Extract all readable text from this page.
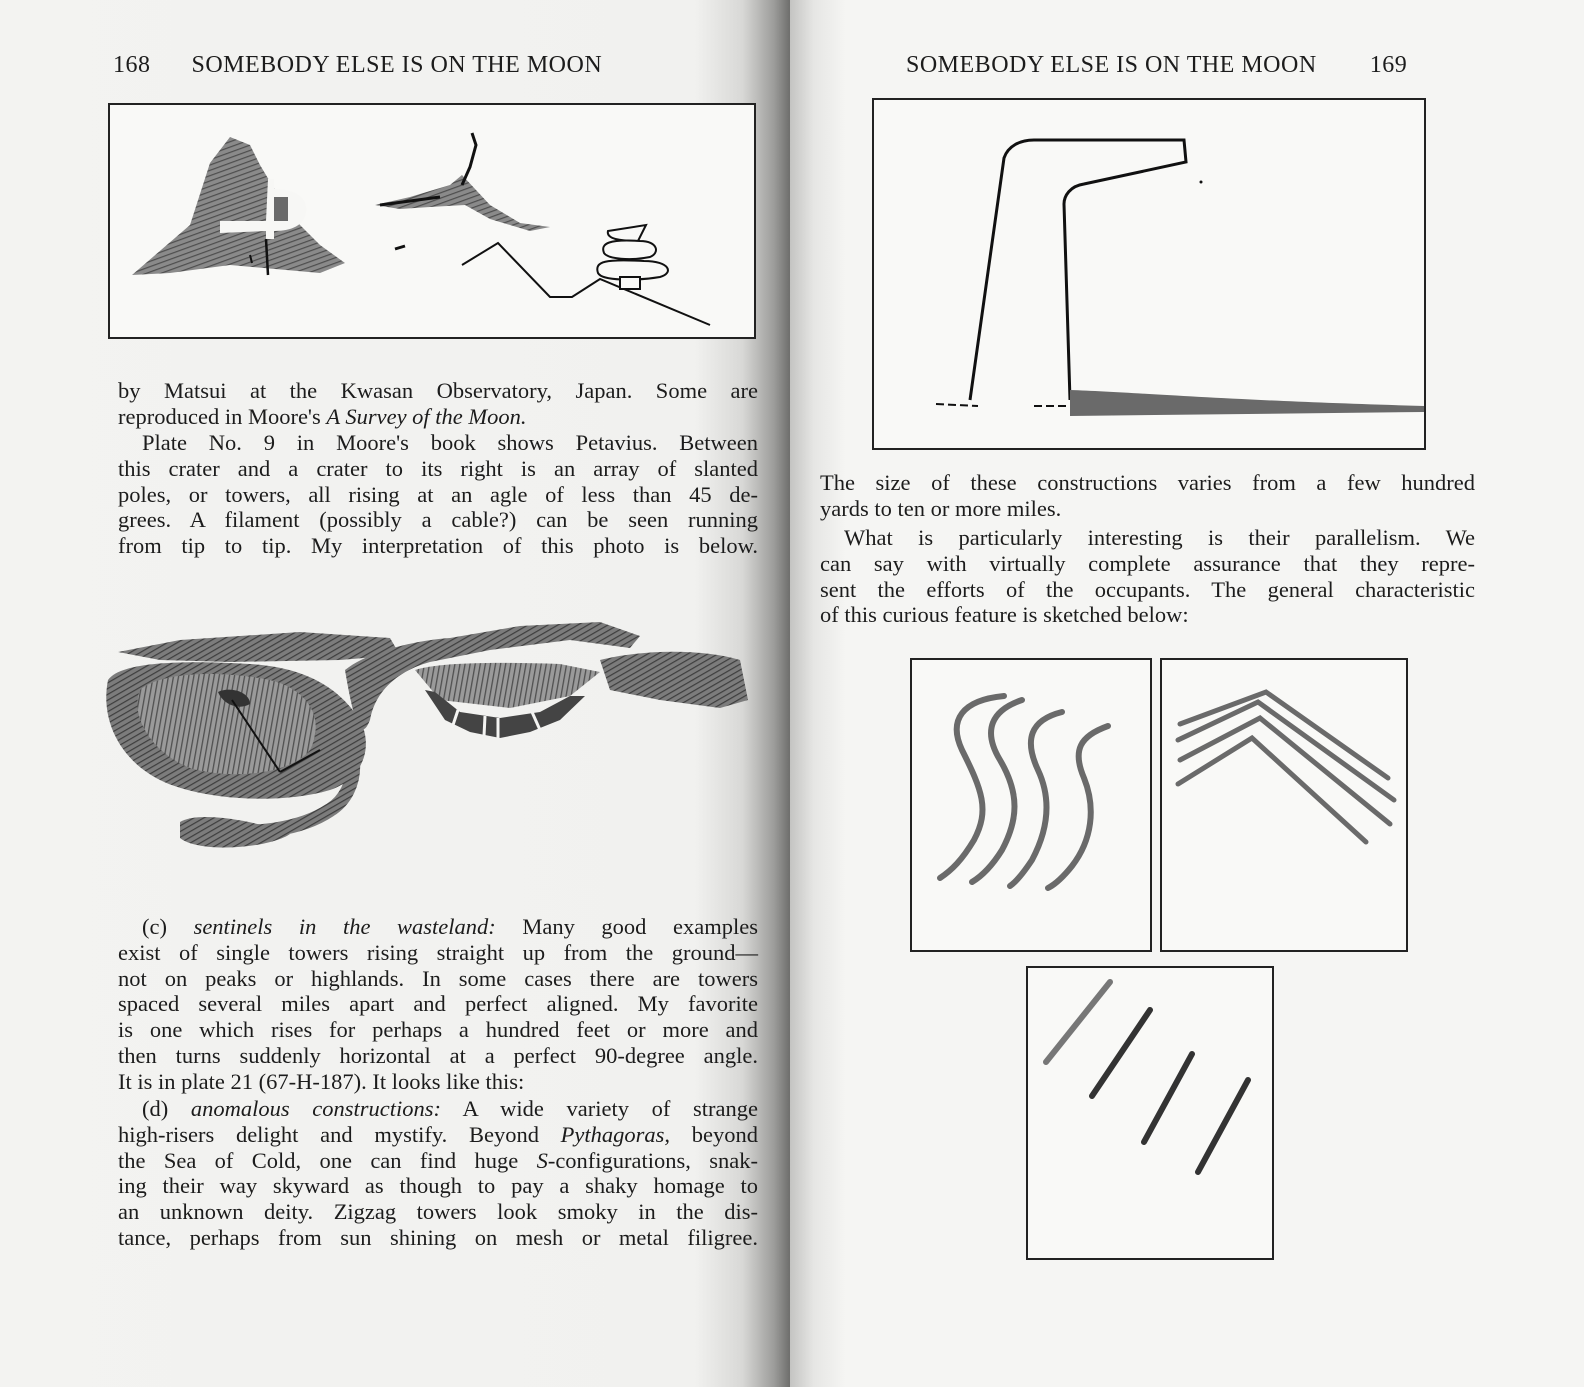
168 SOMEBODY ELSE IS ON THE MOON
by Matsui at the Kwasan Observatory, Japan. Some are
reproduced in Moore's A Survey of the Moon.
Plate No. 9 in Moore's book shows Petavius. Between
this crater and a crater to its right is an array of slanted
poles, or towers, all rising at an agle of less than 45 de-
grees. A filament (possibly a cable?) can be seen running
from tip to tip. My interpretation of this photo is below.
(c) sentinels in the wasteland: Many good examples
exist of single towers rising straight up from the ground—
not on peaks or highlands. In some cases there are towers
spaced several miles apart and perfect aligned. My favorite
is one which rises for perhaps a hundred feet or more and
then turns suddenly horizontal at a perfect 90-degree angle.
It is in plate 21 (67-H-187). It looks like this:
(d) anomalous constructions: A wide variety of strange
high-risers delight and mystify. Beyond Pythagoras, beyond
the Sea of Cold, one can find huge S-configurations, snak-
ing their way skyward as though to pay a shaky homage to
an unknown deity. Zigzag towers look smoky in the dis-
tance, perhaps from sun shining on mesh or metal filigree.
SOMEBODY ELSE IS ON THE MOON 169
The size of these constructions varies from a few hundred
yards to ten or more miles.
What is particularly interesting is their parallelism. We
can say with virtually complete assurance that they repre-
sent the efforts of the occupants. The general characteristic
of this curious feature is sketched below:
